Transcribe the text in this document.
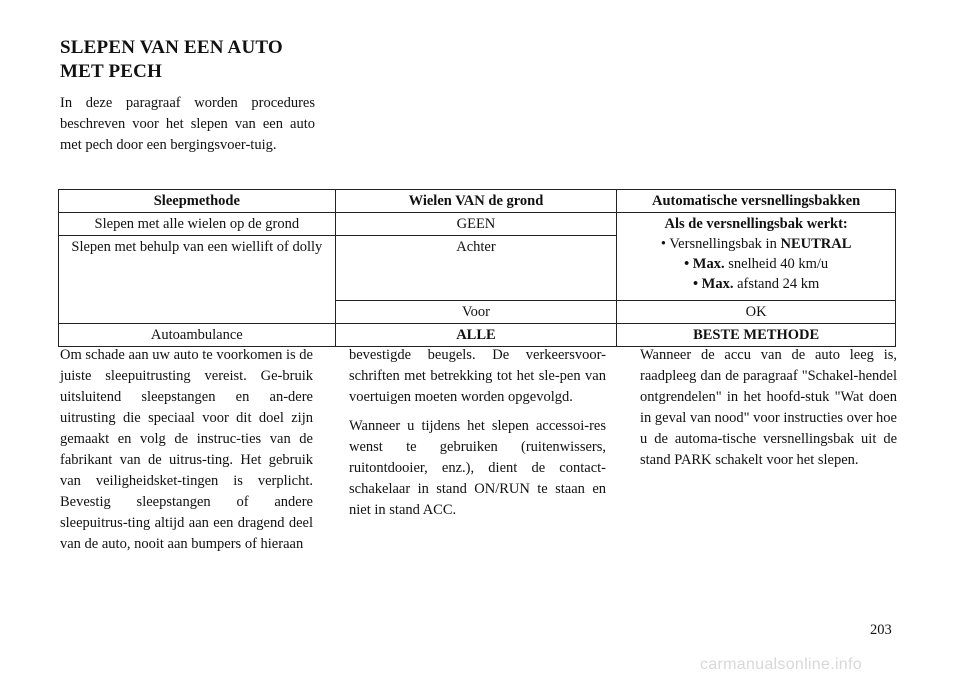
SLEPEN VAN EEN AUTO
MET PECH
In deze paragraaf worden procedures beschreven voor het slepen van een auto met pech door een bergingsvoer-tuig.
Sleepmethode	Wielen VAN de grond	Automatische versnellingsbakken
Slepen met alle wielen op de grond	GEEN	Als de versnellingsbak werkt:
• Versnellingsbak in NEUTRAL
• Max. snelheid 40 km/u
• Max. afstand 24 km

Slepen met behulp van een wiellift of dolly	Achter	
	Voor	OK
Autoambulance	ALLE	BESTE METHODE
Om schade aan uw auto te voorkomen is de juiste sleepuitrusting vereist. Ge-bruik uitsluitend sleepstangen en an-dere uitrusting die speciaal voor dit doel zijn gemaakt en volg de instruc-ties van de fabrikant van de uitrus-ting. Het gebruik van veiligheidsket-tingen is verplicht. Bevestig sleepstangen of andere sleepuitrus-ting altijd aan een dragend deel van de auto, nooit aan bumpers of hieraan

bevestigde beugels. De verkeersvoor-schriften met betrekking tot het sle-pen van voertuigen moeten worden opgevolgd.

Wanneer u tijdens het slepen accessoi-res wenst te gebruiken (ruitenwissers, ruitontdooier, enz.), dient de contact-schakelaar in stand ON/RUN te staan en niet in stand ACC.

Wanneer de accu van de auto leeg is, raadpleeg dan de paragraaf "Schakel-hendel ontgrendelen" in het hoofd-stuk "Wat doen in geval van nood" voor instructies over hoe u de automa-tische versnellingsbak uit de stand PARK schakelt voor het slepen.

203
carmanualsonline.info
